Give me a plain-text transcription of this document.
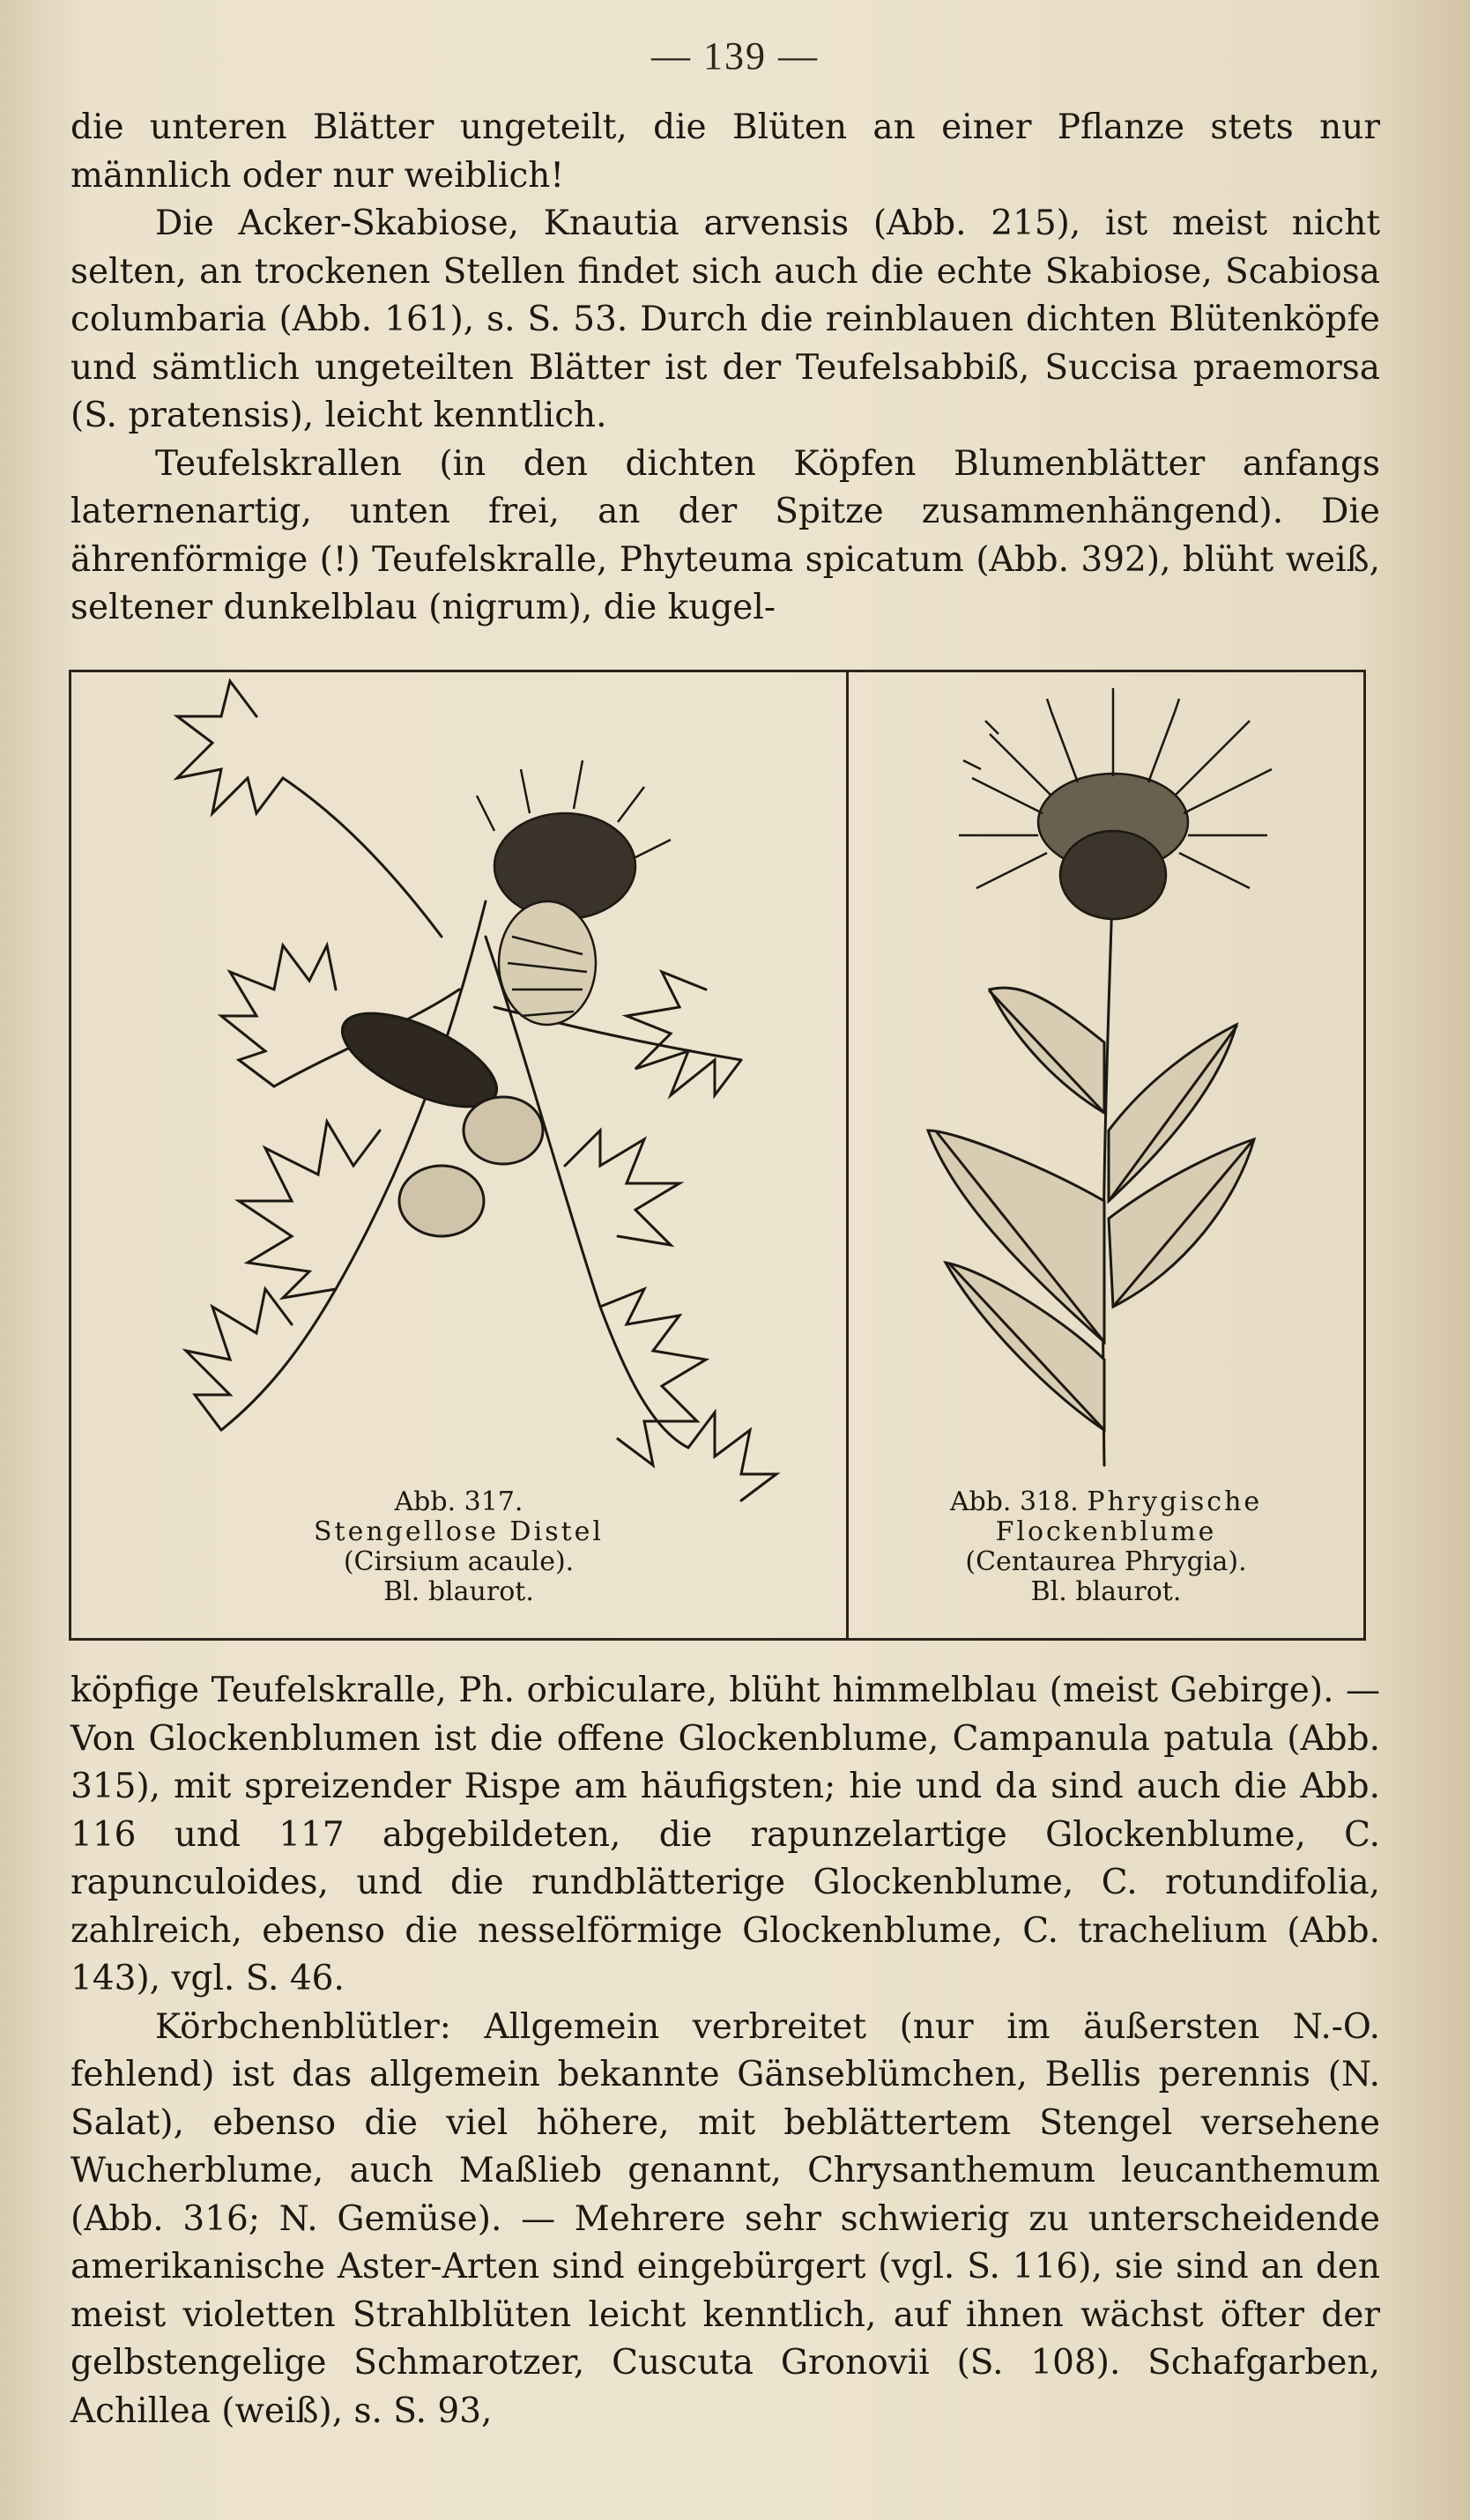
— 139 —

die unteren Blätter ungeteilt, die Blüten an einer Pflanze stets nur männlich oder nur weiblich!

Die Acker-Skabiose, Knautia arvensis (Abb. 215), ist meist nicht selten, an trockenen Stellen findet sich auch die echte Skabiose, Scabiosa columbaria (Abb. 161), s. S. 53. Durch die reinblauen dichten Blütenköpfe und sämtlich ungeteilten Blätter ist der Teufelsabbiß, Succisa praemorsa (S. pratensis), leicht kenntlich.

Teufelskrallen (in den dichten Köpfen Blumenblätter anfangs laternenartig, unten frei, an der Spitze zusammenhängend). Die ährenförmige (!) Teufelskralle, Phyteuma spicatum (Abb. 392), blüht weiß, seltener dunkelblau (nigrum), die kugel-

Abb. 317.
Stengellose Distel
(Cirsium acaule).
Bl. blaurot.
Abb. 318. Phrygische
Flockenblume
(Centaurea Phrygia).
Bl. blaurot.

köpfige Teufelskralle, Ph. orbiculare, blüht himmelblau (meist Gebirge). — Von Glockenblumen ist die offene Glockenblume, Campanula patula (Abb. 315), mit spreizender Rispe am häufigsten; hie und da sind auch die Abb. 116 und 117 abgebildeten, die rapunzelartige Glockenblume, C. rapunculoides, und die rundblätterige Glockenblume, C. rotundifolia, zahlreich, ebenso die nesselförmige Glockenblume, C. trachelium (Abb. 143), vgl. S. 46.

Körbchenblütler: Allgemein verbreitet (nur im äußersten N.-O. fehlend) ist das allgemein bekannte Gänseblümchen, Bellis perennis (N. Salat), ebenso die viel höhere, mit beblättertem Stengel versehene Wucherblume, auch Maßlieb genannt, Chrysanthemum leucanthemum (Abb. 316; N. Gemüse). — Mehrere sehr schwierig zu unterscheidende amerikanische Aster-Arten sind eingebürgert (vgl. S. 116), sie sind an den meist violetten Strahlblüten leicht kenntlich, auf ihnen wächst öfter der gelbstengelige Schmarotzer, Cuscuta Gronovii (S. 108). Schafgarben, Achillea (weiß), s. S. 93,
